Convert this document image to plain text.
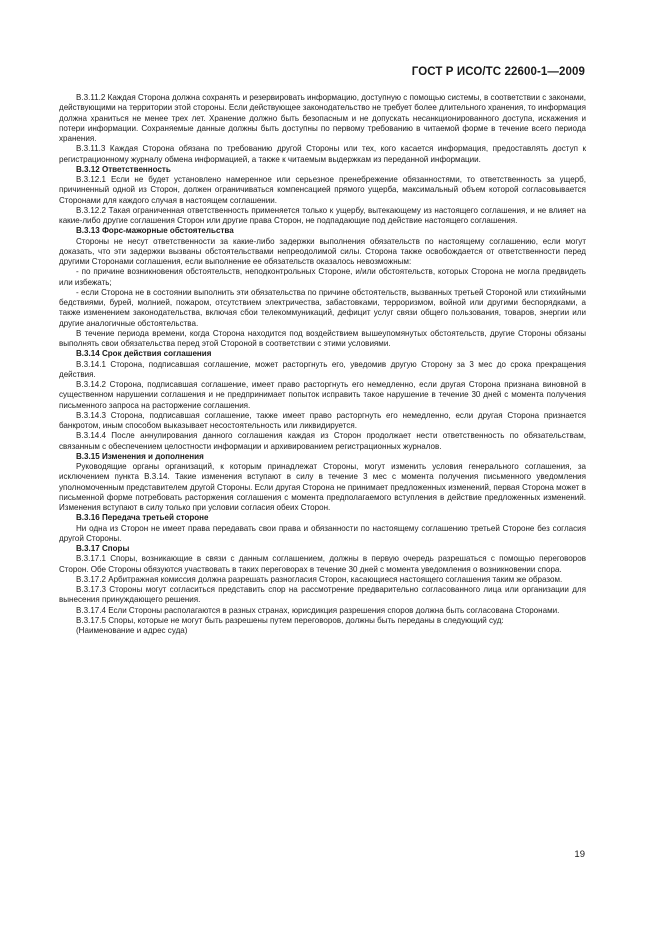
ГОСТ Р ИСО/ТС 22600-1—2009

B.3.11.2 Каждая Сторона должна сохранять и резервировать информацию, доступную с помощью системы, в соответствии с законами, действующими на территории этой стороны. Если действующее законодательство не требует более длительного хранения, то информация должна храниться не менее трех лет. Хранение должно быть безопасным и не допускать несанкционированного доступа, искажения и потери информации. Сохраняемые данные должны быть доступны по первому требованию в читаемой форме в течение всего периода хранения.

B.3.11.3 Каждая Сторона обязана по требованию другой Стороны или тех, кого касается информация, предоставлять доступ к регистрационному журналу обмена информацией, а также к читаемым выдержкам из переданной информации.

B.3.12 Ответственность

B.3.12.1 Если не будет установлено намеренное или серьезное пренебрежение обязанностями, то ответственность за ущерб, причиненный одной из Сторон, должен ограничиваться компенсацией прямого ущерба, максимальный объем которой согласовывается Сторонами для каждого случая в настоящем соглашении.

B.3.12.2 Такая ограниченная ответственность применяется только к ущербу, вытекающему из настоящего соглашения, и не влияет на какие-либо другие соглашения Сторон или другие права Сторон, не подпадающие под действие настоящего соглашения.

B.3.13 Форс-мажорные обстоятельства

Стороны не несут ответственности за какие-либо задержки выполнения обязательств по настоящему соглашению, если могут доказать, что эти задержки вызваны обстоятельствами непреодолимой силы. Сторона также освобождается от ответственности перед другими Сторонами соглашения, если выполнение ее обязательств оказалось невозможным:

- по причине возникновения обстоятельств, неподконтрольных Стороне, и/или обстоятельств, которых Сторона не могла предвидеть или избежать;

- если Сторона не в состоянии выполнить эти обязательства по причине обстоятельств, вызванных третьей Стороной или стихийными бедствиями, бурей, молнией, пожаром, отсутствием электричества, забастовками, терроризмом, войной или другими беспорядками, а также изменением законодательства, включая сбои телекоммуникаций, дефицит услуг связи общего пользования, товаров, энергии или другие аналогичные обстоятельства.

В течение периода времени, когда Сторона находится под воздействием вышеупомянутых обстоятельств, другие Стороны обязаны выполнять свои обязательства перед этой Стороной в соответствии с этими условиями.

B.3.14 Срок действия соглашения

B.3.14.1 Сторона, подписавшая соглашение, может расторгнуть его, уведомив другую Сторону за 3 мес до срока прекращения действия.

B.3.14.2 Сторона, подписавшая соглашение, имеет право расторгнуть его немедленно, если другая Сторона признана виновной в существенном нарушении соглашения и не предпринимает попыток исправить такое нарушение в течение 30 дней с момента получения письменного запроса на расторжение соглашения.

B.3.14.3 Сторона, подписавшая соглашение, также имеет право расторгнуть его немедленно, если другая Сторона признается банкротом, иным способом выказывает несостоятельность или ликвидируется.

B.3.14.4 После аннулирования данного соглашения каждая из Сторон продолжает нести ответственность по обязательствам, связанным с обеспечением целостности информации и архивированием регистрационных журналов.

B.3.15 Изменения и дополнения

Руководящие органы организаций, к которым принадлежат Стороны, могут изменить условия генерального соглашения, за исключением пункта B.3.14. Такие изменения вступают в силу в течение 3 мес с момента получения письменного уведомления уполномоченным представителем другой Стороны. Если другая Сторона не принимает предложенных изменений, первая Сторона может в письменной форме потребовать расторжения соглашения с момента предполагаемого вступления в действие предложенных изменений. Изменения вступают в силу только при условии согласия обеих Сторон.

B.3.16 Передача третьей стороне

Ни одна из Сторон не имеет права передавать свои права и обязанности по настоящему соглашению третьей Стороне без согласия другой Стороны.

B.3.17 Споры

B.3.17.1 Споры, возникающие в связи с данным соглашением, должны в первую очередь разрешаться с помощью переговоров Сторон. Обе Стороны обязуются участвовать в таких переговорах в течение 30 дней с момента уведомления о возникновении спора.

B.3.17.2 Арбитражная комиссия должна разрешать разногласия Сторон, касающиеся настоящего соглашения таким же образом.

B.3.17.3 Стороны могут согласиться представить спор на рассмотрение предварительно согласованного лица или организации для вынесения принуждающего решения.

B.3.17.4 Если Стороны располагаются в разных странах, юрисдикция разрешения споров должна быть согласована Сторонами.

B.3.17.5 Споры, которые не могут быть разрешены путем переговоров, должны быть переданы в следующий суд:

(Наименование и адрес суда)

19
